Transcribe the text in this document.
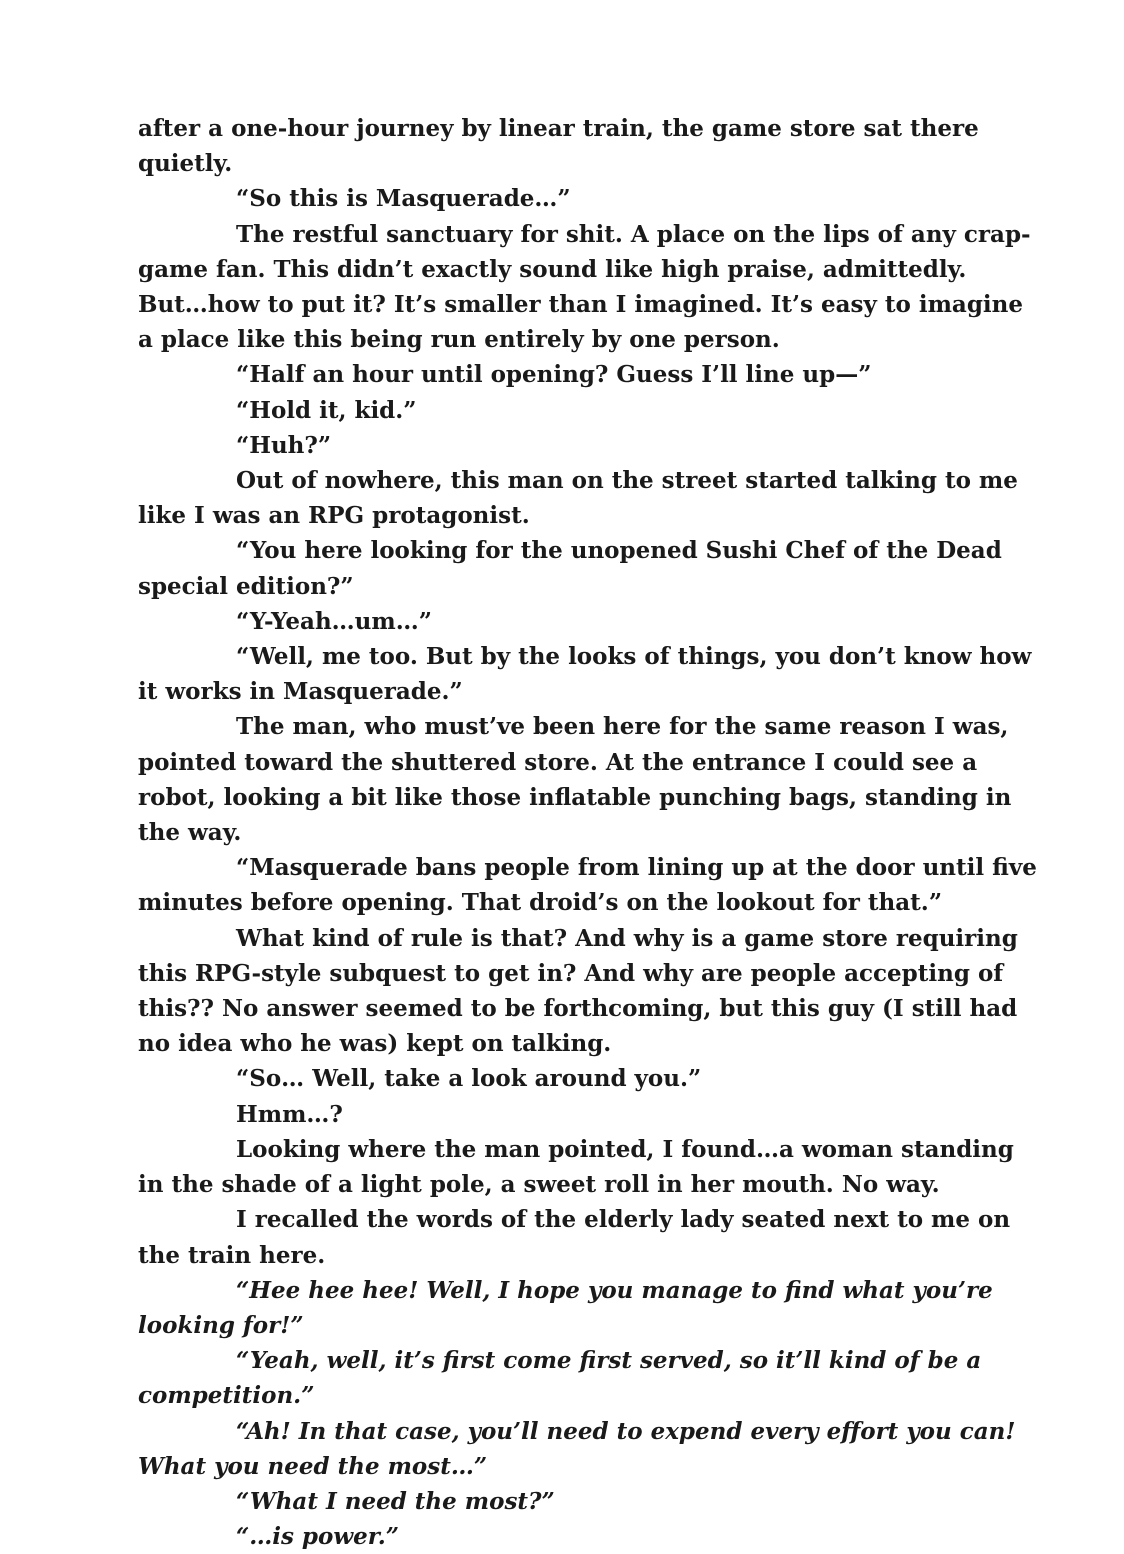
after a one-hour journey by linear train, the game store sat there quietly.

“So this is Masquerade…”

The restful sanctuary for shit. A place on the lips of any crap-game fan. This didn’t exactly sound like high praise, admittedly. But…how to put it? It’s smaller than I imagined. It’s easy to imagine a place like this being run entirely by one person.

“Half an hour until opening? Guess I’ll line up—”

“Hold it, kid.”

“Huh?”

Out of nowhere, this man on the street started talking to me like I was an RPG protagonist.

“You here looking for the unopened Sushi Chef of the Dead special edition?”

“Y-Yeah…um…”

“Well, me too. But by the looks of things, you don’t know how it works in Masquerade.”

The man, who must’ve been here for the same reason I was, pointed toward the shuttered store. At the entrance I could see a robot, looking a bit like those inflatable punching bags, standing in the way.

“Masquerade bans people from lining up at the door until five minutes before opening. That droid’s on the lookout for that.”

What kind of rule is that? And why is a game store requiring this RPG-style subquest to get in? And why are people accepting of this?? No answer seemed to be forthcoming, but this guy (I still had no idea who he was) kept on talking.

“So… Well, take a look around you.”

Hmm…?

Looking where the man pointed, I found…a woman standing in the shade of a light pole, a sweet roll in her mouth. No way.

I recalled the words of the elderly lady seated next to me on the train here.

“Hee hee hee! Well, I hope you manage to find what you’re looking for!”

“Yeah, well, it’s first come first served, so it’ll kind of be a competition.”

“Ah! In that case, you’ll need to expend every effort you can! What you need the most…”

“What I need the most?”

“…is power.”
